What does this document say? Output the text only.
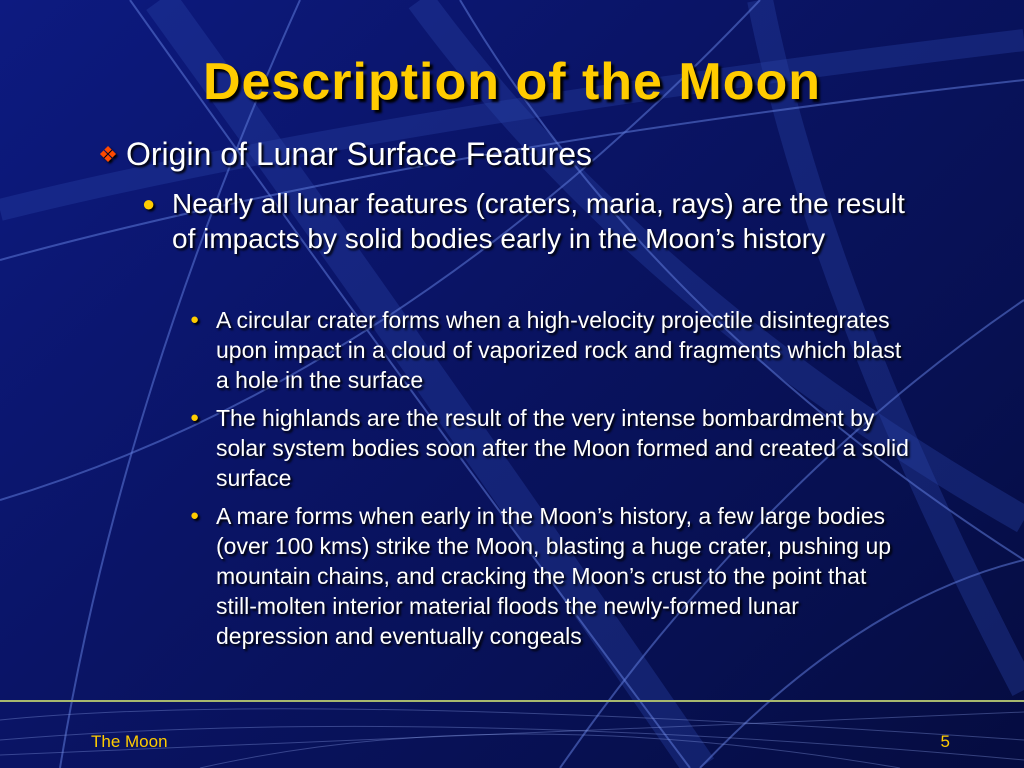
Description of the Moon
❖ Origin of Lunar Surface Features
● Nearly all lunar features (craters, maria, rays) are the result of impacts by solid bodies early in the Moon’s history
● A circular crater forms when a high-velocity projectile disintegrates upon impact in a cloud of vaporized rock and fragments which blast a hole in the surface
● The highlands are the result of the very intense bombardment by solar system bodies soon after the Moon formed and created a solid surface
● A mare forms when early in the Moon’s history, a few large bodies (over 100 kms) strike the Moon, blasting a huge crater, pushing up mountain chains, and cracking the Moon’s crust to the point that still-molten interior material floods the newly-formed lunar depression and eventually congeals
The Moon	5
